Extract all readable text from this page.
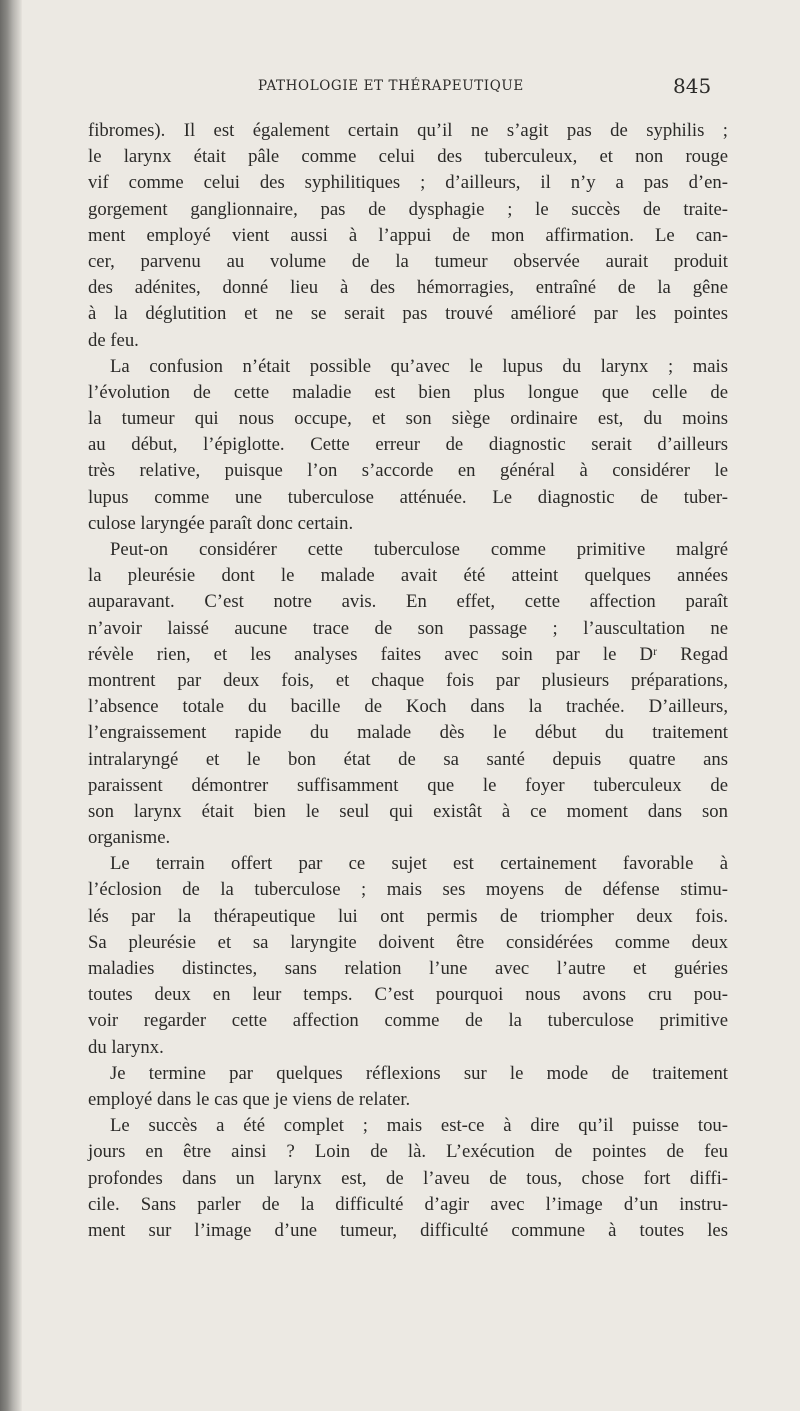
PATHOLOGIE ET THÉRAPEUTIQUE	845
fibromes). Il est également certain qu’il ne s’agit pas de syphilis ;
le larynx était pâle comme celui des tuberculeux, et non rouge
vif comme celui des syphilitiques ; d’ailleurs, il n’y a pas d’en-
gorgement ganglionnaire, pas de dysphagie ; le succès de traite-
ment employé vient aussi à l’appui de mon affirmation. Le can-
cer, parvenu au volume de la tumeur observée aurait produit
des adénites, donné lieu à des hémorragies, entraîné de la gêne
à la déglutition et ne se serait pas trouvé amélioré par les pointes
de feu.
La confusion n’était possible qu’avec le lupus du larynx ; mais
l’évolution de cette maladie est bien plus longue que celle de
la tumeur qui nous occupe, et son siège ordinaire est, du moins
au début, l’épiglotte. Cette erreur de diagnostic serait d’ailleurs
très relative, puisque l’on s’accorde en général à considérer le
lupus comme une tuberculose atténuée. Le diagnostic de tuber-
culose laryngée paraît donc certain.
Peut-on considérer cette tuberculose comme primitive malgré
la pleurésie dont le malade avait été atteint quelques années
auparavant. C’est notre avis. En effet, cette affection paraît
n’avoir laissé aucune trace de son passage ; l’auscultation ne
révèle rien, et les analyses faites avec soin par le Dʳ Regad
montrent par deux fois, et chaque fois par plusieurs préparations,
l’absence totale du bacille de Koch dans la trachée. D’ailleurs,
l’engraissement rapide du malade dès le début du traitement
intralaryngé et le bon état de sa santé depuis quatre ans
paraissent démontrer suffisamment que le foyer tuberculeux de
son larynx était bien le seul qui existât à ce moment dans son
organisme.
Le terrain offert par ce sujet est certainement favorable à
l’éclosion de la tuberculose ; mais ses moyens de défense stimu-
lés par la thérapeutique lui ont permis de triompher deux fois.
Sa pleurésie et sa laryngite doivent être considérées comme deux
maladies distinctes, sans relation l’une avec l’autre et guéries
toutes deux en leur temps. C’est pourquoi nous avons cru pou-
voir regarder cette affection comme de la tuberculose primitive
du larynx.
Je termine par quelques réflexions sur le mode de traitement
employé dans le cas que je viens de relater.
Le succès a été complet ; mais est-ce à dire qu’il puisse tou-
jours en être ainsi ? Loin de là. L’exécution de pointes de feu
profondes dans un larynx est, de l’aveu de tous, chose fort diffi-
cile. Sans parler de la difficulté d’agir avec l’image d’un instru-
ment sur l’image d’une tumeur, difficulté commune à toutes les
